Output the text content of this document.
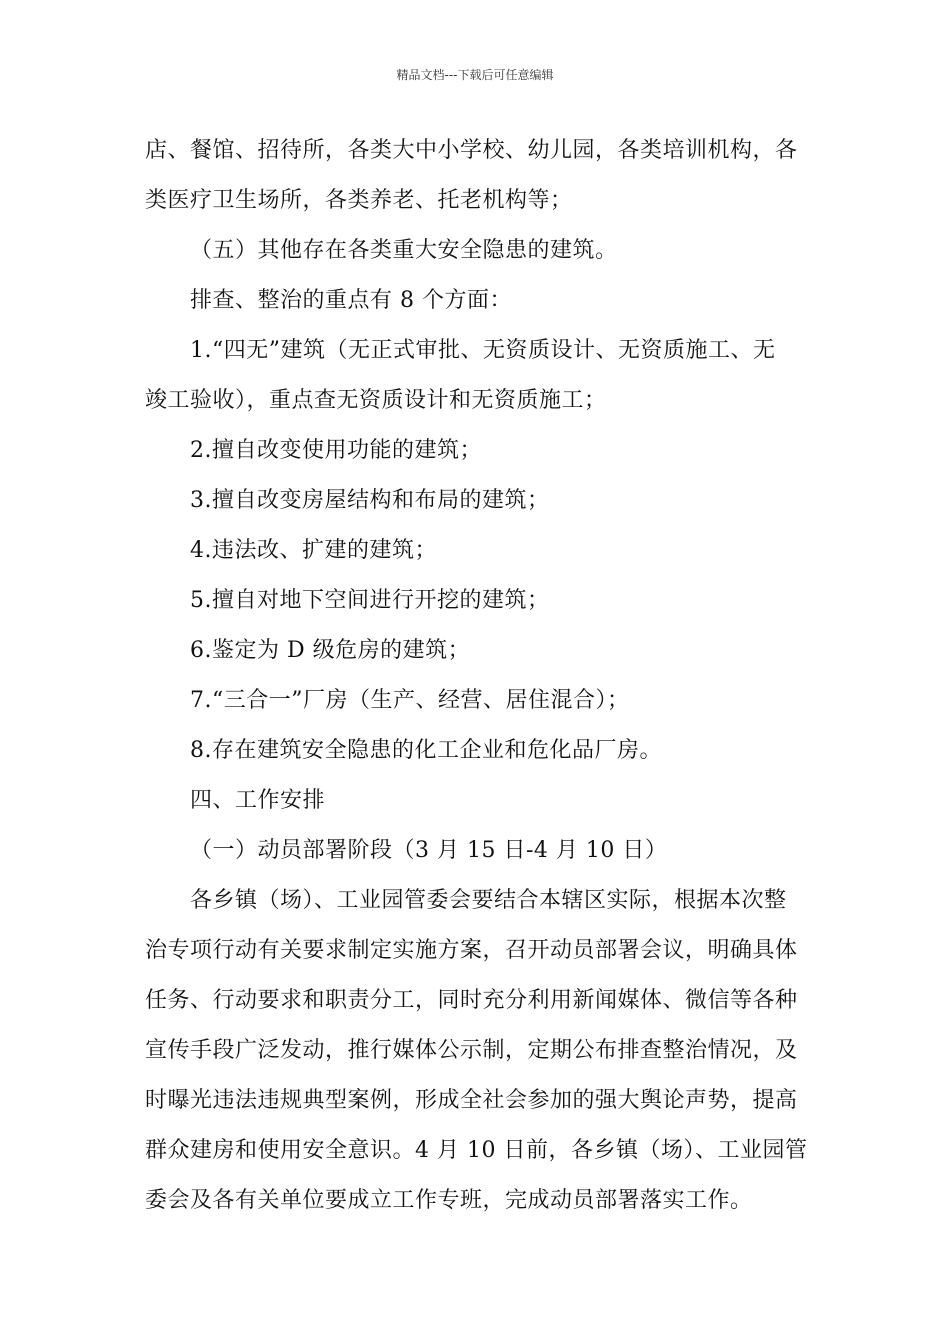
精品文档---下载后可任意编辑
店、餐馆、招待所，各类大中小学校、幼儿园，各类培训机构，各
类医疗卫生场所，各类养老、托老机构等；
（五）其他存在各类重大安全隐患的建筑。
排查、整治的重点有 8 个方面：
1.“四无”建筑（无正式审批、无资质设计、无资质施工、无
竣工验收），重点查无资质设计和无资质施工；
2.擅自改变使用功能的建筑；
3.擅自改变房屋结构和布局的建筑；
4.违法改、扩建的建筑；
5.擅自对地下空间进行开挖的建筑；
6.鉴定为 D 级危房的建筑；
7.“三合一”厂房（生产、经营、居住混合）；
8.存在建筑安全隐患的化工企业和危化品厂房。
四、工作安排
（一）动员部署阶段（3 月 15 日-4 月 10 日）
各乡镇（场）、工业园管委会要结合本辖区实际，根据本次整
治专项行动有关要求制定实施方案，召开动员部署会议，明确具体
任务、行动要求和职责分工，同时充分利用新闻媒体、微信等各种
宣传手段广泛发动，推行媒体公示制，定期公布排查整治情况，及
时曝光违法违规典型案例，形成全社会参加的强大舆论声势，提高
群众建房和使用安全意识。4 月 10 日前，各乡镇（场）、工业园管
委会及各有关单位要成立工作专班，完成动员部署落实工作。
